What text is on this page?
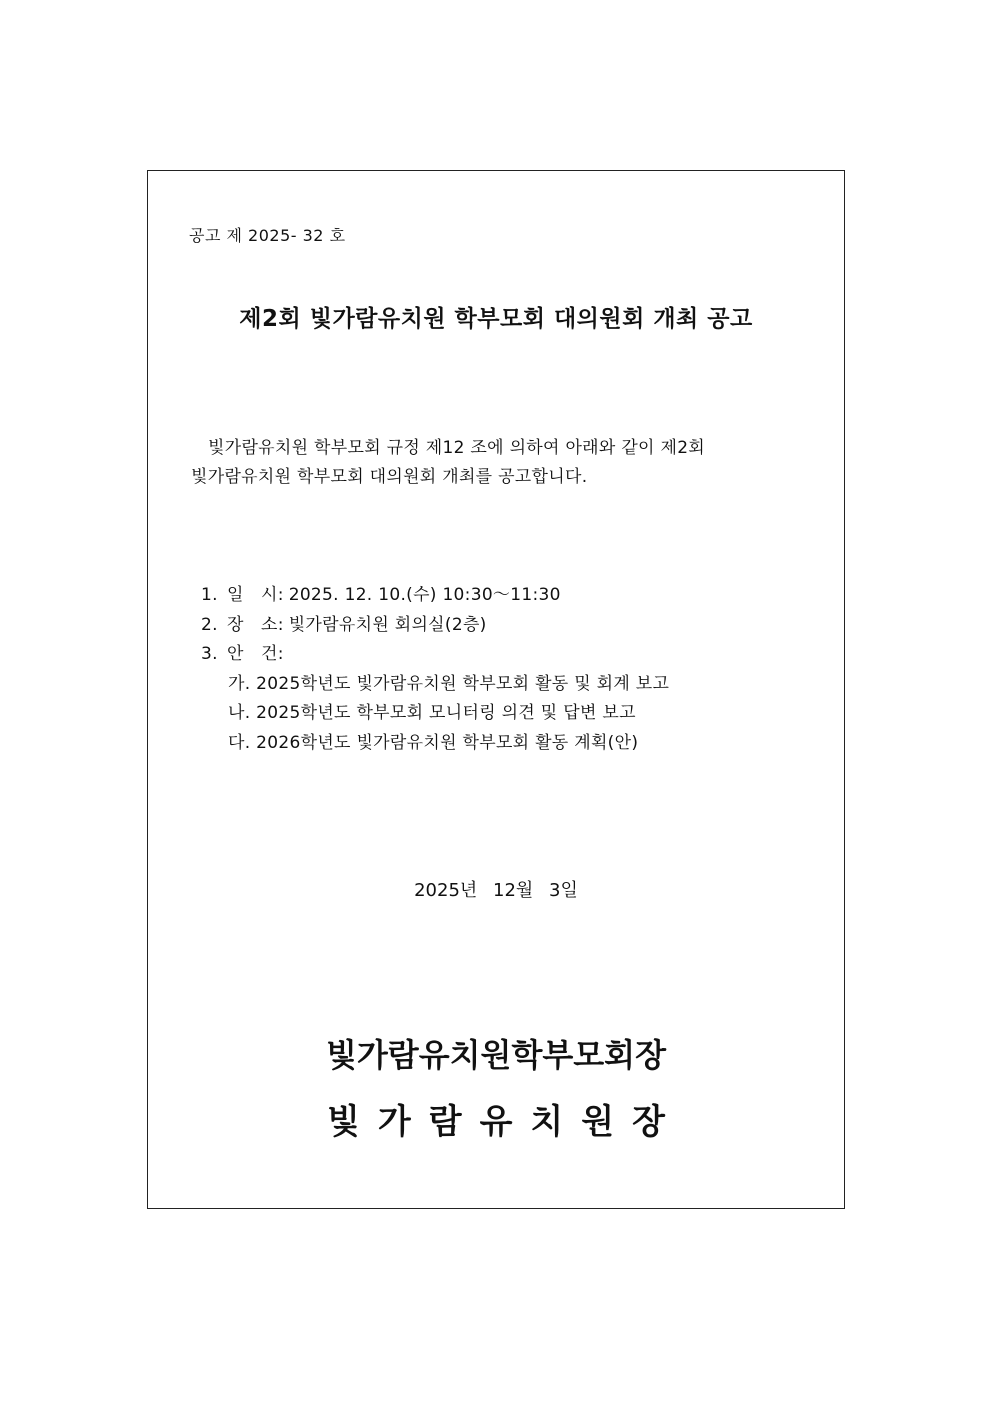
공고 제 2025- 32 호
제2회 빛가람유치원 학부모회 대의원회 개최 공고
빛가람유치원 학부모회 규정 제12 조에 의하여 아래와 같이 제2회
빛가람유치원 학부모회 대의원회 개최를 공고합니다.
1. 일　시: 2025. 12. 10.(수) 10:30～11:30
2. 장　소: 빛가람유치원 회의실(2층)
3. 안　건:
가. 2025학년도 빛가람유치원 학부모회 활동 및 회계 보고
나. 2025학년도 학부모회 모니터링 의견 및 답변 보고
다. 2026학년도 빛가람유치원 학부모회 활동 계획(안)
2025년 12월 3일
빛가람유치원학부모회장
빛가람유치원장
